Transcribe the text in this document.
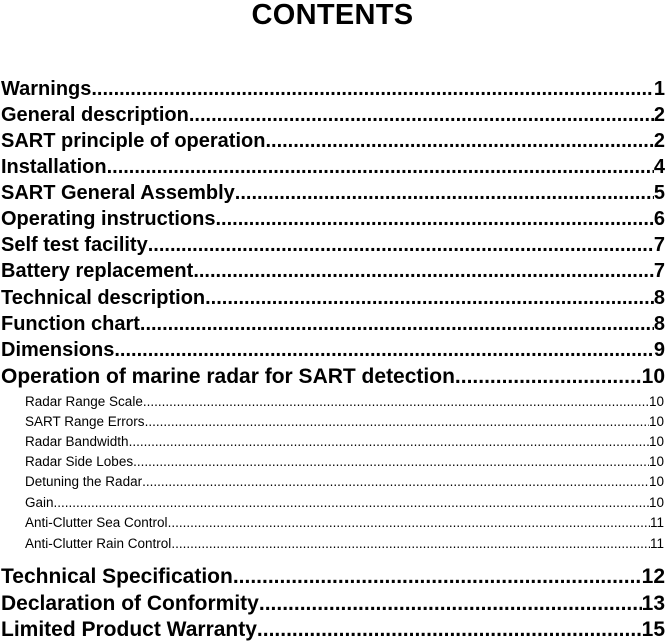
CONTENTS
Warnings .....	1
General description .....	2
SART principle of operation .....	2
Installation .....	4
SART General Assembly .....	5
Operating instructions .....	6
Self test facility .....	7
Battery replacement .....	7
Technical description .....	8
Function chart .....	8
Dimensions .....	9
Operation of marine radar for SART detection .....	10
Radar Range Scale .....	10
SART Range Errors .....	10
Radar Bandwidth .....	10
Radar Side Lobes .....	10
Detuning the Radar .....	10
Gain .....	10
Anti-Clutter Sea Control .....	11
Anti-Clutter Rain Control .....	11
Technical Specification .....	12
Declaration of Conformity .....	13
Limited Product Warranty .....	15
